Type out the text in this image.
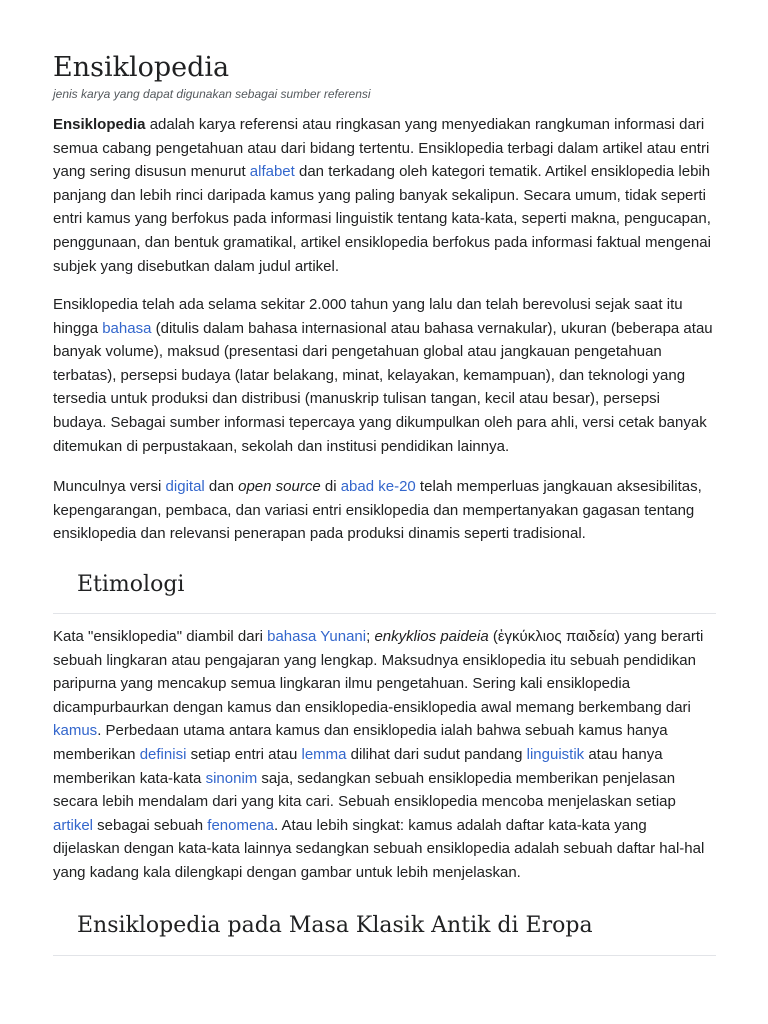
Ensiklopedia
jenis karya yang dapat digunakan sebagai sumber referensi

Ensiklopedia adalah karya referensi atau ringkasan yang menyediakan rangkuman informasi dari semua cabang pengetahuan atau dari bidang tertentu. Ensiklopedia terbagi dalam artikel atau entri yang sering disusun menurut alfabet dan terkadang oleh kategori tematik. Artikel ensiklopedia lebih panjang dan lebih rinci daripada kamus yang paling banyak sekalipun. Secara umum, tidak seperti entri kamus yang berfokus pada informasi linguistik tentang kata-kata, seperti makna, pengucapan, penggunaan, dan bentuk gramatikal, artikel ensiklopedia berfokus pada informasi faktual mengenai subjek yang disebutkan dalam judul artikel.

Ensiklopedia telah ada selama sekitar 2.000 tahun yang lalu dan telah berevolusi sejak saat itu hingga bahasa (ditulis dalam bahasa internasional atau bahasa vernakular), ukuran (beberapa atau banyak volume), maksud (presentasi dari pengetahuan global atau jangkauan pengetahuan terbatas), persepsi budaya (latar belakang, minat, kelayakan, kemampuan), dan teknologi yang tersedia untuk produksi dan distribusi (manuskrip tulisan tangan, kecil atau besar), persepsi budaya. Sebagai sumber informasi tepercaya yang dikumpulkan oleh para ahli, versi cetak banyak ditemukan di perpustakaan, sekolah dan institusi pendidikan lainnya.

Munculnya versi digital dan open source di abad ke-20 telah memperluas jangkauan aksesibilitas, kepengarangan, pembaca, dan variasi entri ensiklopedia dan mempertanyakan gagasan tentang ensiklopedia dan relevansi penerapan pada produksi dinamis seperti tradisional.

Etimologi

Kata "ensiklopedia" diambil dari bahasa Yunani; enkyklios paideia (ἐγκύκλιος παιδεία) yang berarti sebuah lingkaran atau pengajaran yang lengkap. Maksudnya ensiklopedia itu sebuah pendidikan paripurna yang mencakup semua lingkaran ilmu pengetahuan. Sering kali ensiklopedia dicampurbaurkan dengan kamus dan ensiklopedia-ensiklopedia awal memang berkembang dari kamus. Perbedaan utama antara kamus dan ensiklopedia ialah bahwa sebuah kamus hanya memberikan definisi setiap entri atau lemma dilihat dari sudut pandang linguistik atau hanya memberikan kata-kata sinonim saja, sedangkan sebuah ensiklopedia memberikan penjelasan secara lebih mendalam dari yang kita cari. Sebuah ensiklopedia mencoba menjelaskan setiap artikel sebagai sebuah fenomena. Atau lebih singkat: kamus adalah daftar kata-kata yang dijelaskan dengan kata-kata lainnya sedangkan sebuah ensiklopedia adalah sebuah daftar hal-hal yang kadang kala dilengkapi dengan gambar untuk lebih menjelaskan.

Ensiklopedia pada Masa Klasik Antik di Eropa
